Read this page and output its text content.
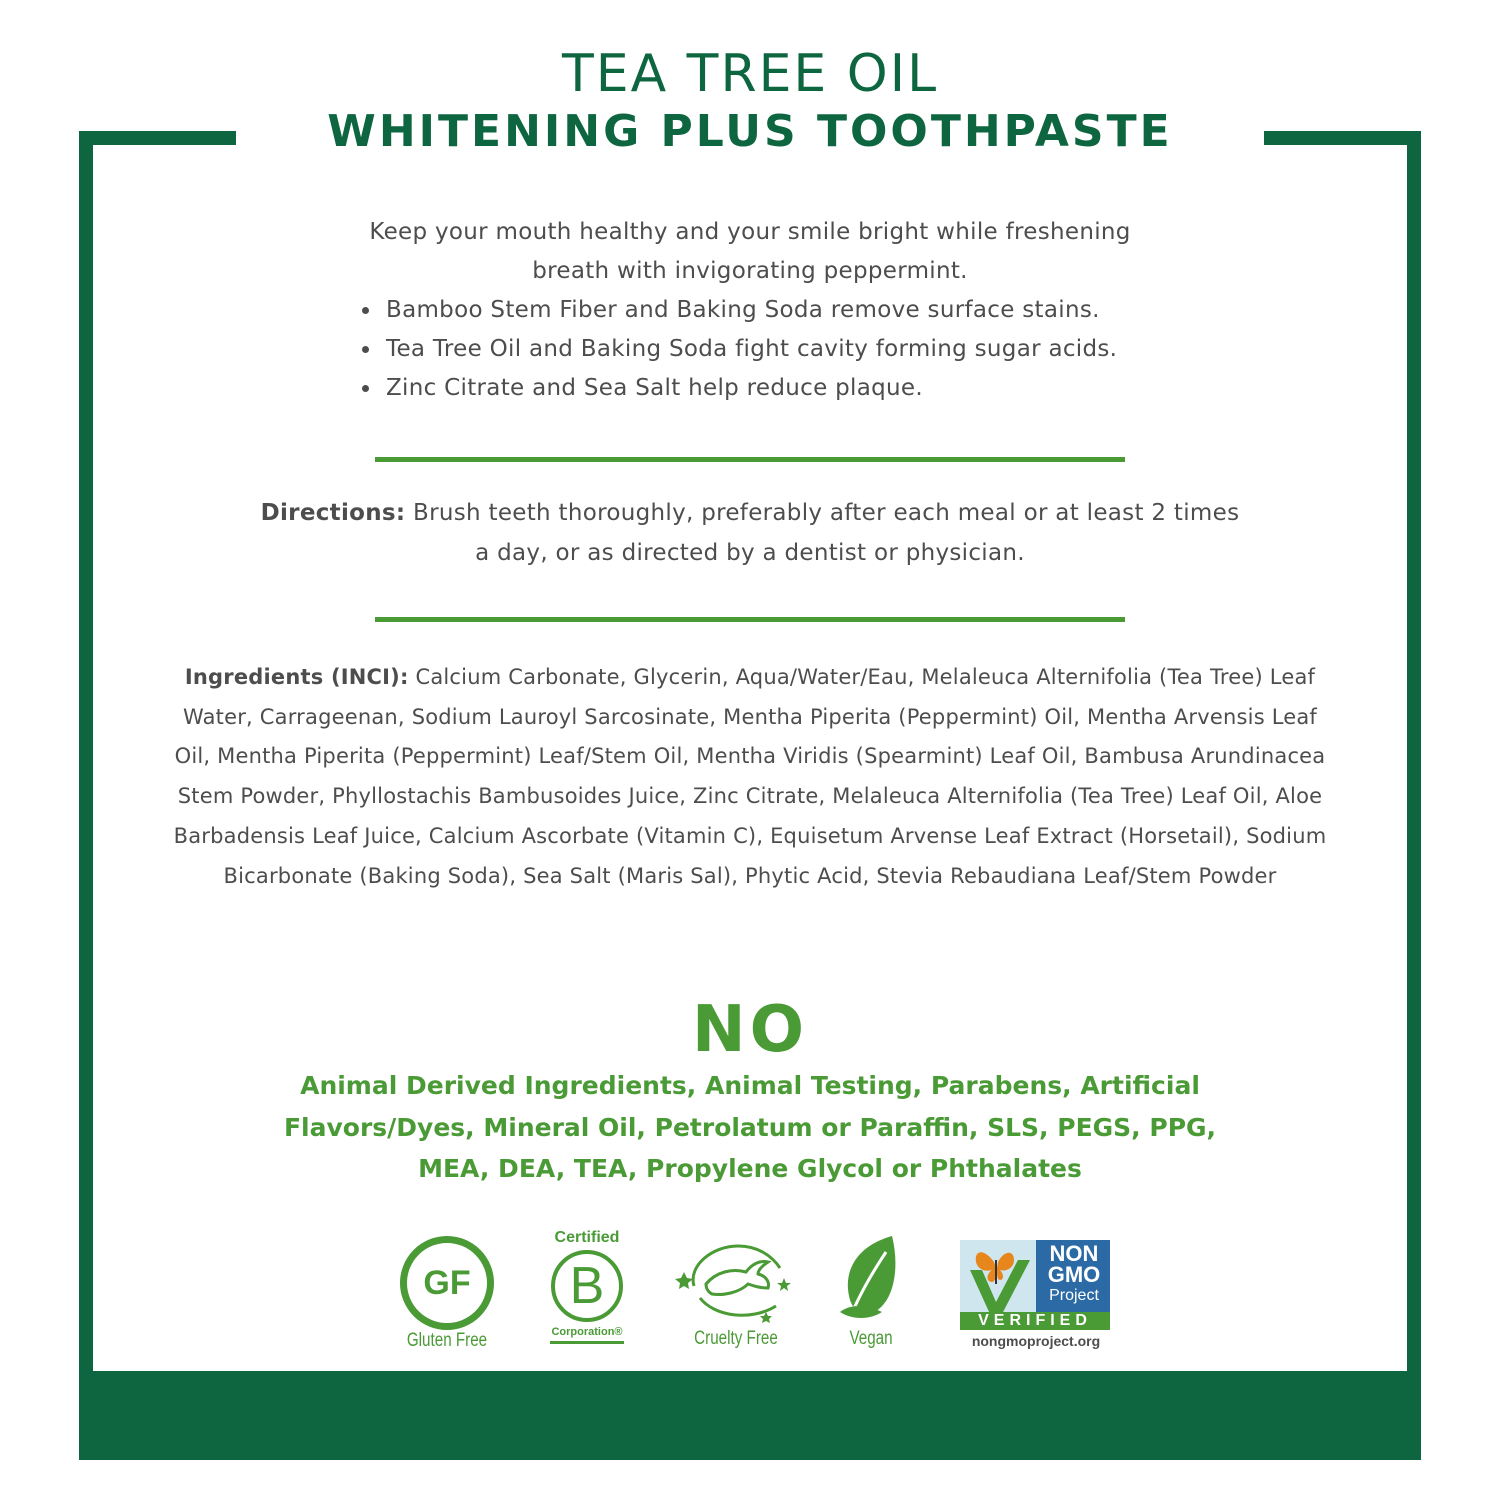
TEA TREE OIL
WHITENING PLUS TOOTHPASTE

Keep your mouth healthy and your smile bright while freshening breath with invigorating peppermint.

• Bamboo Stem Fiber and Baking Soda remove surface stains.
• Tea Tree Oil and Baking Soda fight cavity forming sugar acids.
• Zinc Citrate and Sea Salt help reduce plaque.
Directions: Brush teeth thoroughly, preferably after each meal or at least 2 times a day, or as directed by a dentist or physician.
Ingredients (INCI): Calcium Carbonate, Glycerin, Aqua/Water/Eau, Melaleuca Alternifolia (Tea Tree) Leaf Water, Carrageenan, Sodium Lauroyl Sarcosinate, Mentha Piperita (Peppermint) Oil, Mentha Arvensis Leaf Oil, Mentha Piperita (Peppermint) Leaf/Stem Oil, Mentha Viridis (Spearmint) Leaf Oil, Bambusa Arundinacea Stem Powder, Phyllostachis Bambusoides Juice, Zinc Citrate, Melaleuca Alternifolia (Tea Tree) Leaf Oil, Aloe Barbadensis Leaf Juice, Calcium Ascorbate (Vitamin C), Equisetum Arvense Leaf Extract (Horsetail), Sodium Bicarbonate (Baking Soda), Sea Salt (Maris Sal), Phytic Acid, Stevia Rebaudiana Leaf/Stem Powder
NO
Animal Derived Ingredients, Animal Testing, Parabens, Artificial Flavors/Dyes, Mineral Oil, Petrolatum or Paraffin, SLS, PEGS, PPG, MEA, DEA, TEA, Propylene Glycol or Phthalates
GF
Gluten Free
Certified
B
Corporation®	Cruelty Free	Vegan
NON
GMO
Project
VERIFIED
nongmoproject.org
